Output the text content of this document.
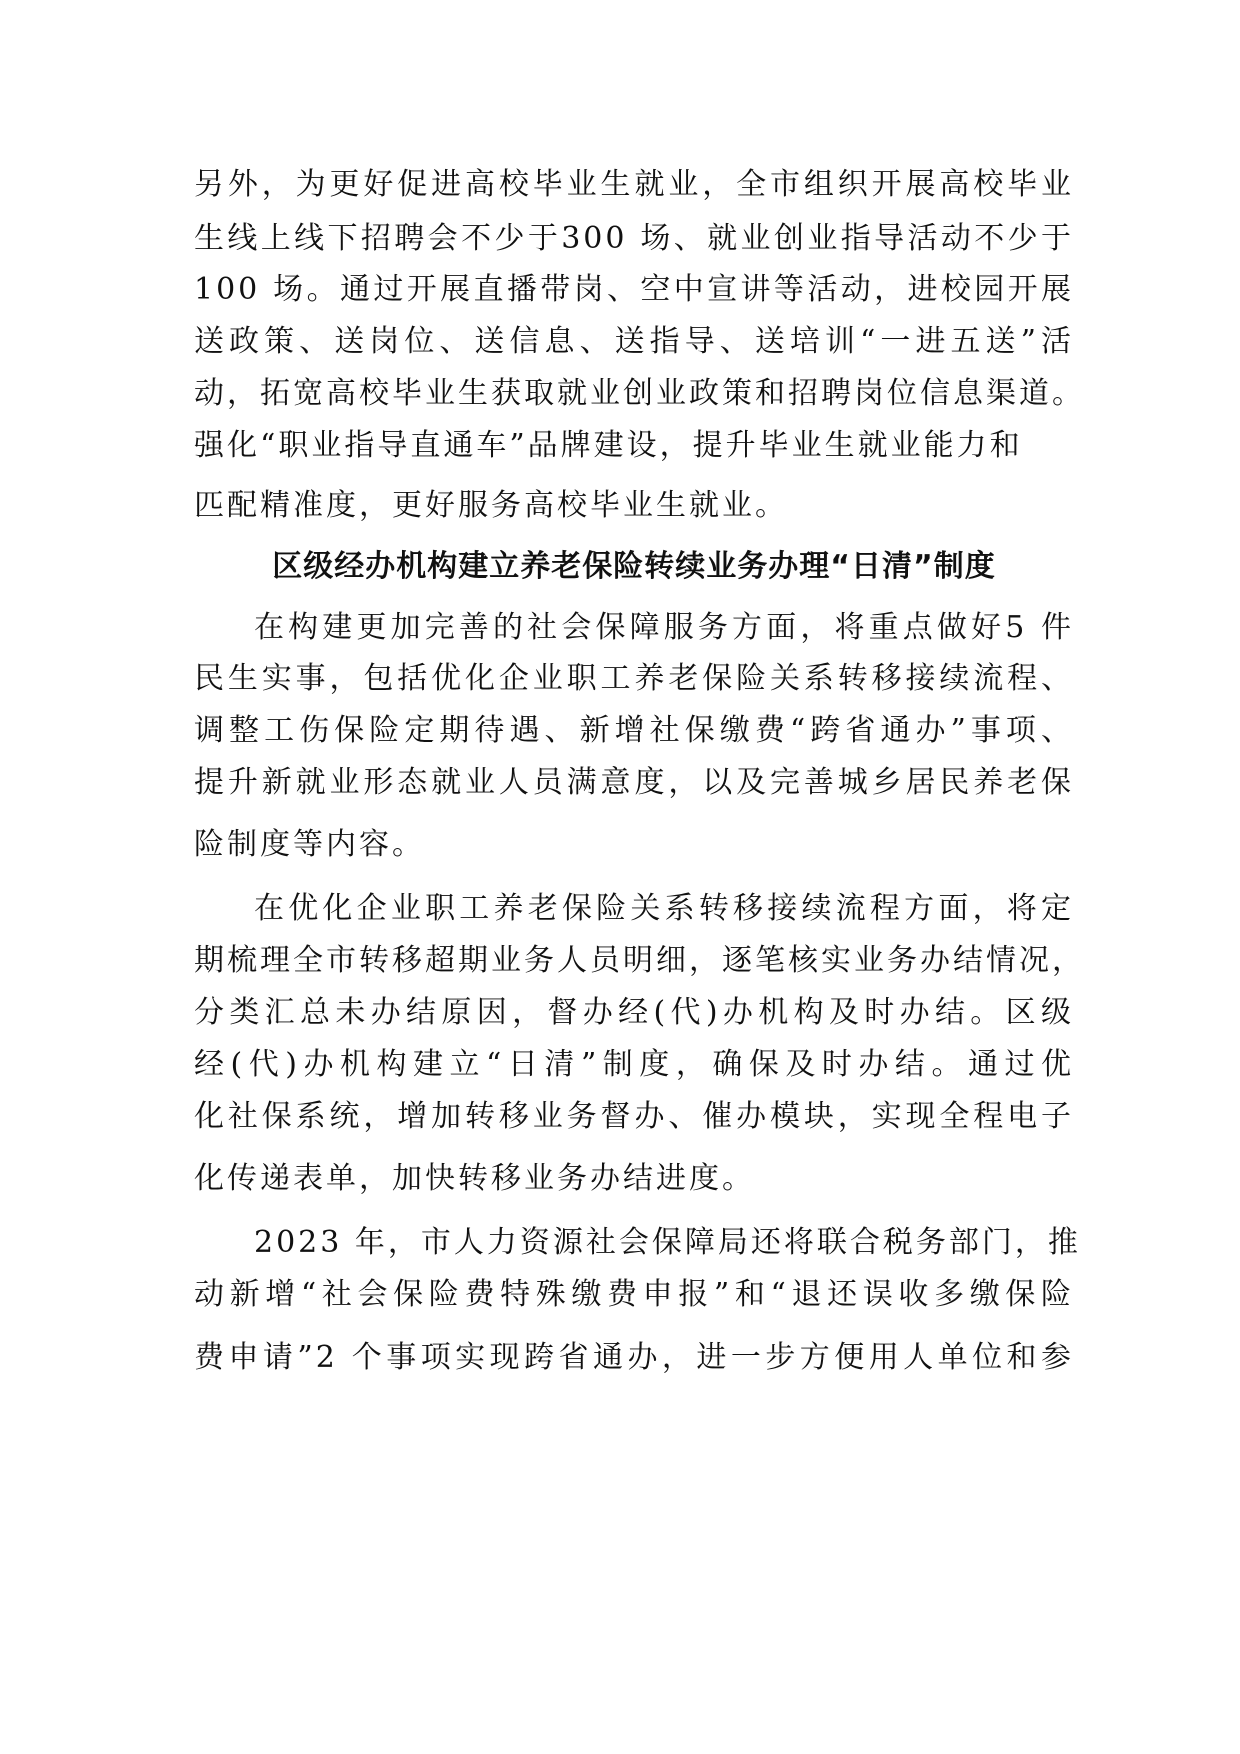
另外，为更好促进高校毕业生就业，全市组织开展高校毕业
生线上线下招聘会不少于300 场、就业创业指导活动不少于
100 场。通过开展直播带岗、空中宣讲等活动，进校园开展
送政策、送岗位、送信息、送指导、送培训“一进五送”活
动，拓宽高校毕业生获取就业创业政策和招聘岗位信息渠道。
强化“职业指导直通车”品牌建设，提升毕业生就业能力和
匹配精准度，更好服务高校毕业生就业。
区级经办机构建立养老保险转续业务办理“日清”制度
在构建更加完善的社会保障服务方面，将重点做好5 件
民生实事，包括优化企业职工养老保险关系转移接续流程、
调整工伤保险定期待遇、新增社保缴费“跨省通办”事项、
提升新就业形态就业人员满意度，以及完善城乡居民养老保
险制度等内容。
在优化企业职工养老保险关系转移接续流程方面，将定
期梳理全市转移超期业务人员明细，逐笔核实业务办结情况，
分类汇总未办结原因，督办经(代)办机构及时办结。区级
经(代)办机构建立“日清”制度，确保及时办结。通过优
化社保系统，增加转移业务督办、催办模块，实现全程电子
化传递表单，加快转移业务办结进度。
2023 年，市人力资源社会保障局还将联合税务部门，推
动新增“社会保险费特殊缴费申报”和“退还误收多缴保险
费申请”2 个事项实现跨省通办，进一步方便用人单位和参
